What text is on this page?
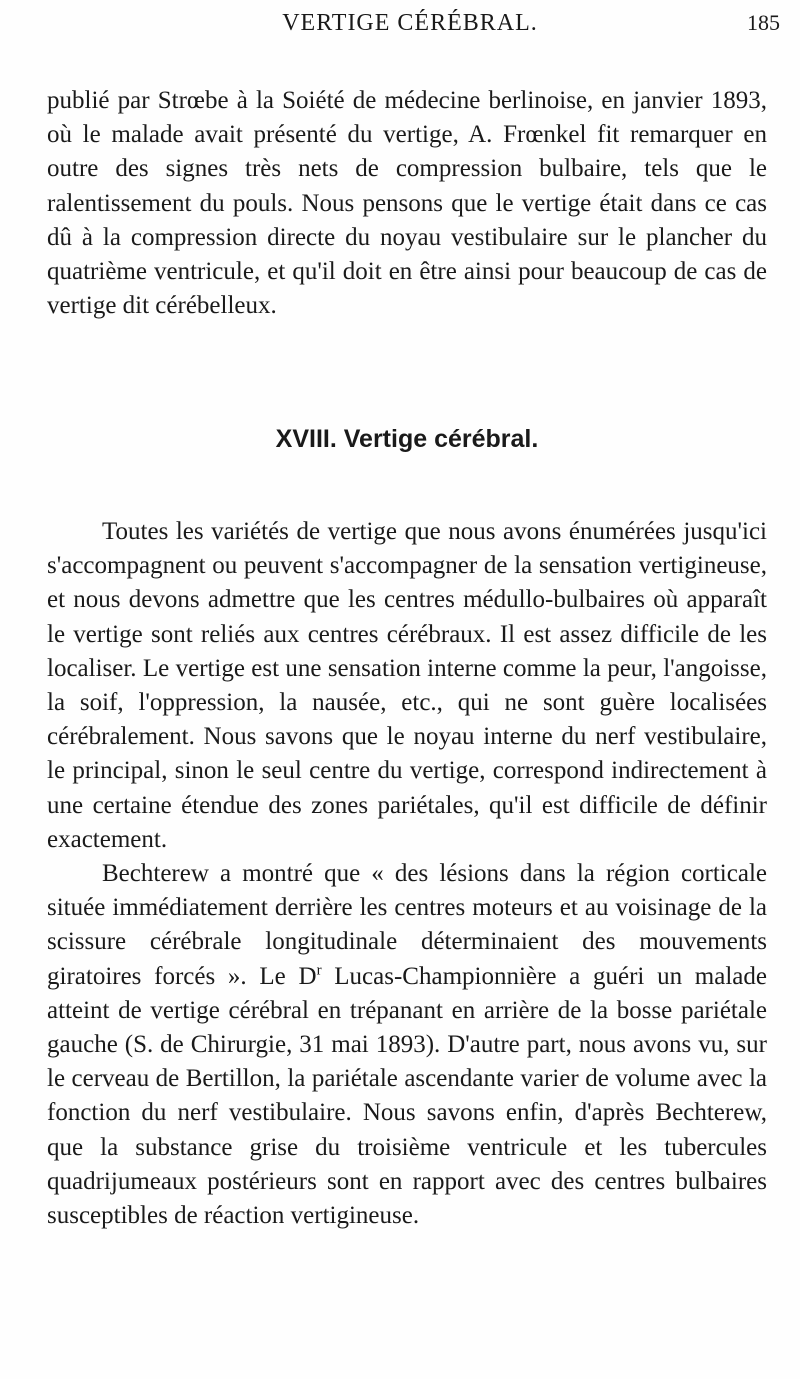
VERTIGE CÉRÉBRAL.	185

publié par Strœbe à la Soiété de médecine berlinoise, en janvier 1893, où le malade avait présenté du vertige, A. Frœnkel fit remarquer en outre des signes très nets de compression bulbaire, tels que le ralentissement du pouls. Nous pensons que le vertige était dans ce cas dû à la compression directe du noyau vestibulaire sur le plancher du quatrième ventricule, et qu'il doit en être ainsi pour beaucoup de cas de vertige dit cérébelleux.

XVIII. Vertige cérébral.

Toutes les variétés de vertige que nous avons énumérées jusqu'ici s'accompagnent ou peuvent s'accompagner de la sensation vertigineuse, et nous devons admettre que les centres médullo-bulbaires où apparaît le vertige sont reliés aux centres cérébraux. Il est assez difficile de les localiser. Le vertige est une sensation interne comme la peur, l'angoisse, la soif, l'oppression, la nausée, etc., qui ne sont guère localisées cérébralement. Nous savons que le noyau interne du nerf vestibulaire, le principal, sinon le seul centre du vertige, correspond indirectement à une certaine étendue des zones pariétales, qu'il est difficile de définir exactement.

Bechterew a montré que « des lésions dans la région corticale située immédiatement derrière les centres moteurs et au voisinage de la scissure cérébrale longitudinale déterminaient des mouvements giratoires forcés ». Le $D^r$ Lucas-Championnière a guéri un malade atteint de vertige cérébral en trépanant en arrière de la bosse pariétale gauche (S. de Chirurgie, 31 mai 1893). D'autre part, nous avons vu, sur le cerveau de Bertillon, la pariétale ascendante varier de volume avec la fonction du nerf vestibulaire. Nous savons enfin, d'après Bechterew, que la substance grise du troisième ventricule et les tubercules quadrijumeaux postérieurs sont en rapport avec des centres bulbaires susceptibles de réaction vertigineuse.
